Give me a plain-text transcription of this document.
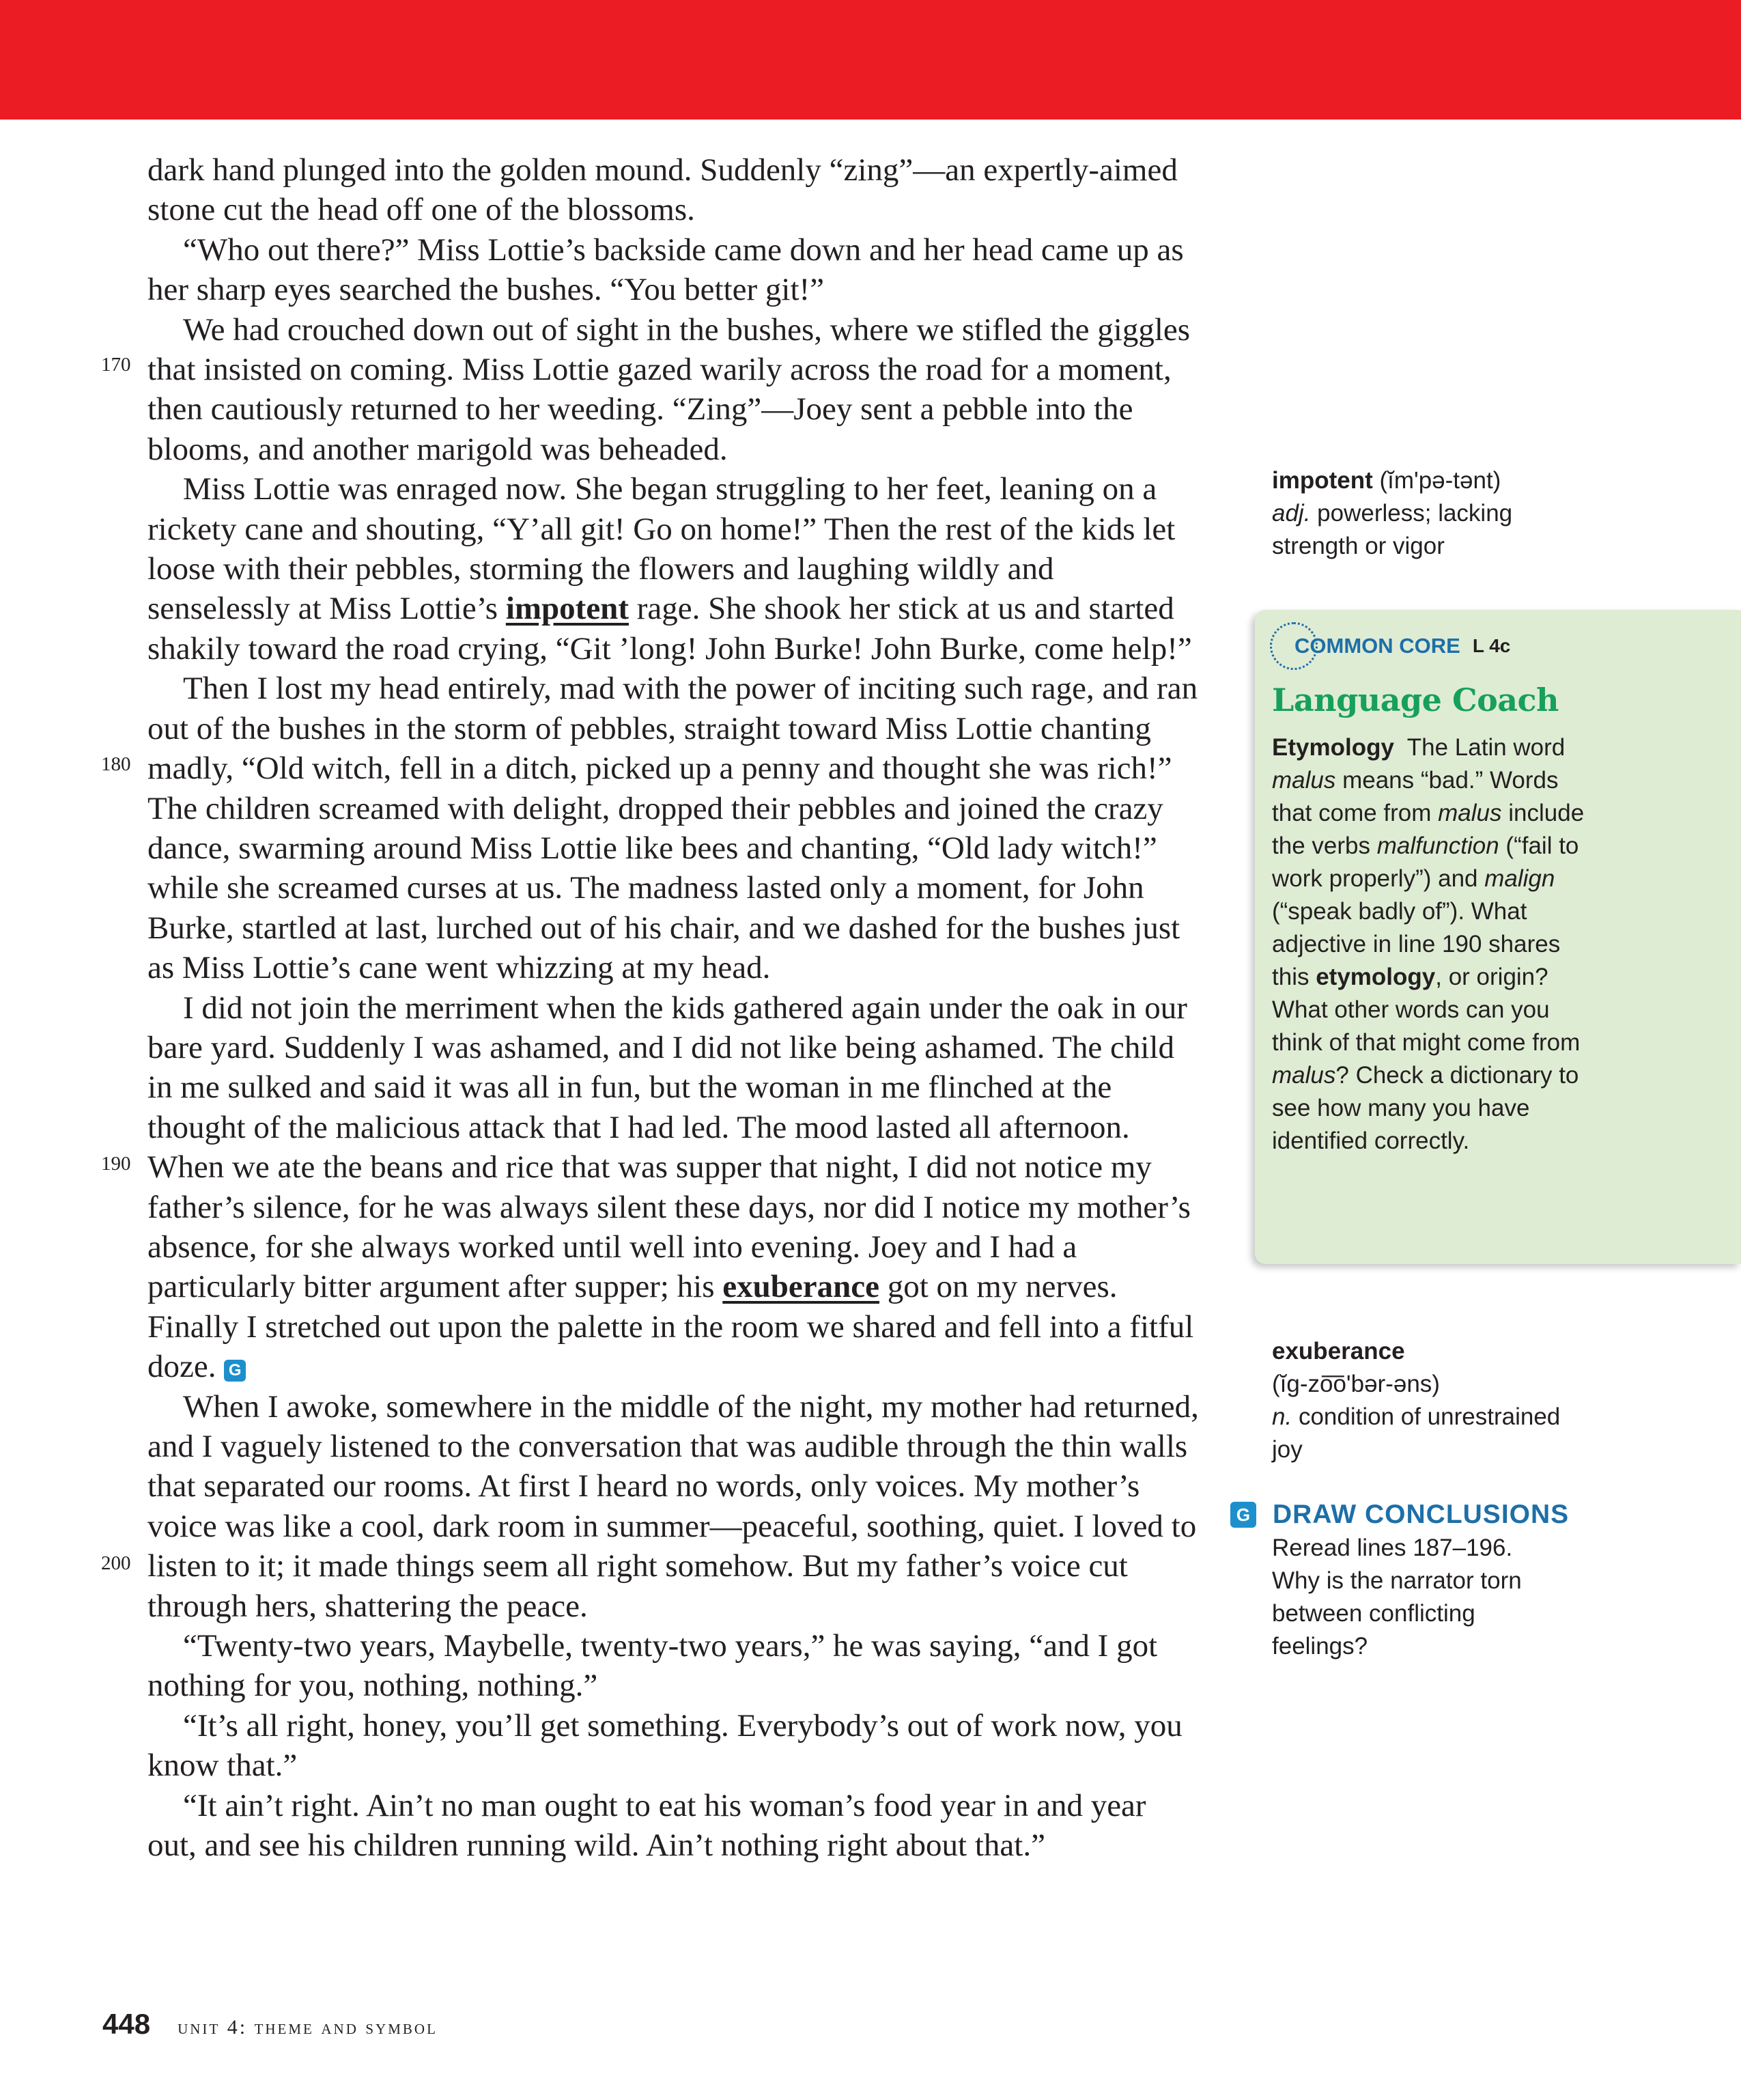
dark hand plunged into the golden mound. Suddenly “zing”—an expertly-aimed stone cut the head off one of the blossoms.

“Who out there?” Miss Lottie’s backside came down and her head came up as her sharp eyes searched the bushes. “You better git!”

We had crouched down out of sight in the bushes, where we stifled the giggles that insisted on coming. Miss Lottie gazed warily across the road for a moment, then cautiously returned to her weeding. “Zing”—Joey sent a pebble into the blooms, and another marigold was beheaded.

Miss Lottie was enraged now. She began struggling to her feet, leaning on a rickety cane and shouting, “Y’all git! Go on home!” Then the rest of the kids let loose with their pebbles, storming the flowers and laughing wildly and senselessly at Miss Lottie’s impotent rage. She shook her stick at us and started shakily toward the road crying, “Git ’long! John Burke! John Burke, come help!”

Then I lost my head entirely, mad with the power of inciting such rage, and ran out of the bushes in the storm of pebbles, straight toward Miss Lottie chanting madly, “Old witch, fell in a ditch, picked up a penny and thought she was rich!” The children screamed with delight, dropped their pebbles and joined the crazy dance, swarming around Miss Lottie like bees and chanting, “Old lady witch!” while she screamed curses at us. The madness lasted only a moment, for John Burke, startled at last, lurched out of his chair, and we dashed for the bushes just as Miss Lottie’s cane went whizzing at my head.

I did not join the merriment when the kids gathered again under the oak in our bare yard. Suddenly I was ashamed, and I did not like being ashamed. The child in me sulked and said it was all in fun, but the woman in me flinched at the thought of the malicious attack that I had led. The mood lasted all afternoon. When we ate the beans and rice that was supper that night, I did not notice my father’s silence, for he was always silent these days, nor did I notice my mother’s absence, for she always worked until well into evening. Joey and I had a particularly bitter argument after supper; his exuberance got on my nerves. Finally I stretched out upon the palette in the room we shared and fell into a fitful doze. G

When I awoke, somewhere in the middle of the night, my mother had returned, and I vaguely listened to the conversation that was audible through the thin walls that separated our rooms. At first I heard no words, only voices. My mother’s voice was like a cool, dark room in summer—peaceful, soothing, quiet. I loved to listen to it; it made things seem all right somehow. But my father’s voice cut through hers, shattering the peace.

“Twenty-two years, Maybelle, twenty-two years,” he was saying, “and I got nothing for you, nothing, nothing.”

“It’s all right, honey, you’ll get something. Everybody’s out of work now, you know that.”

“It ain’t right. Ain’t no man ought to eat his woman’s food year in and year out, and see his children running wild. Ain’t nothing right about that.”

170
180
190
200
impotent (ĭmʹpə-tənt)
adj. powerless; lacking strength or vigor
COMMON CORE L 4c
Language Coach
Etymology The Latin word malus means “bad.” Words that come from malus include the verbs malfunction (“fail to work properly”) and malign (“speak badly of”). What adjective in line 190 shares this etymology, or origin? What other words can you think of that might come from malus? Check a dictionary to see how many you have identified correctly.
exuberance
(ĭg-zo͞oʹbər-əns)
n. condition of unrestrained joy
G DRAW CONCLUSIONS
Reread lines 187–196. Why is the narrator torn between conflicting feelings?
448 unit 4: theme and symbol
